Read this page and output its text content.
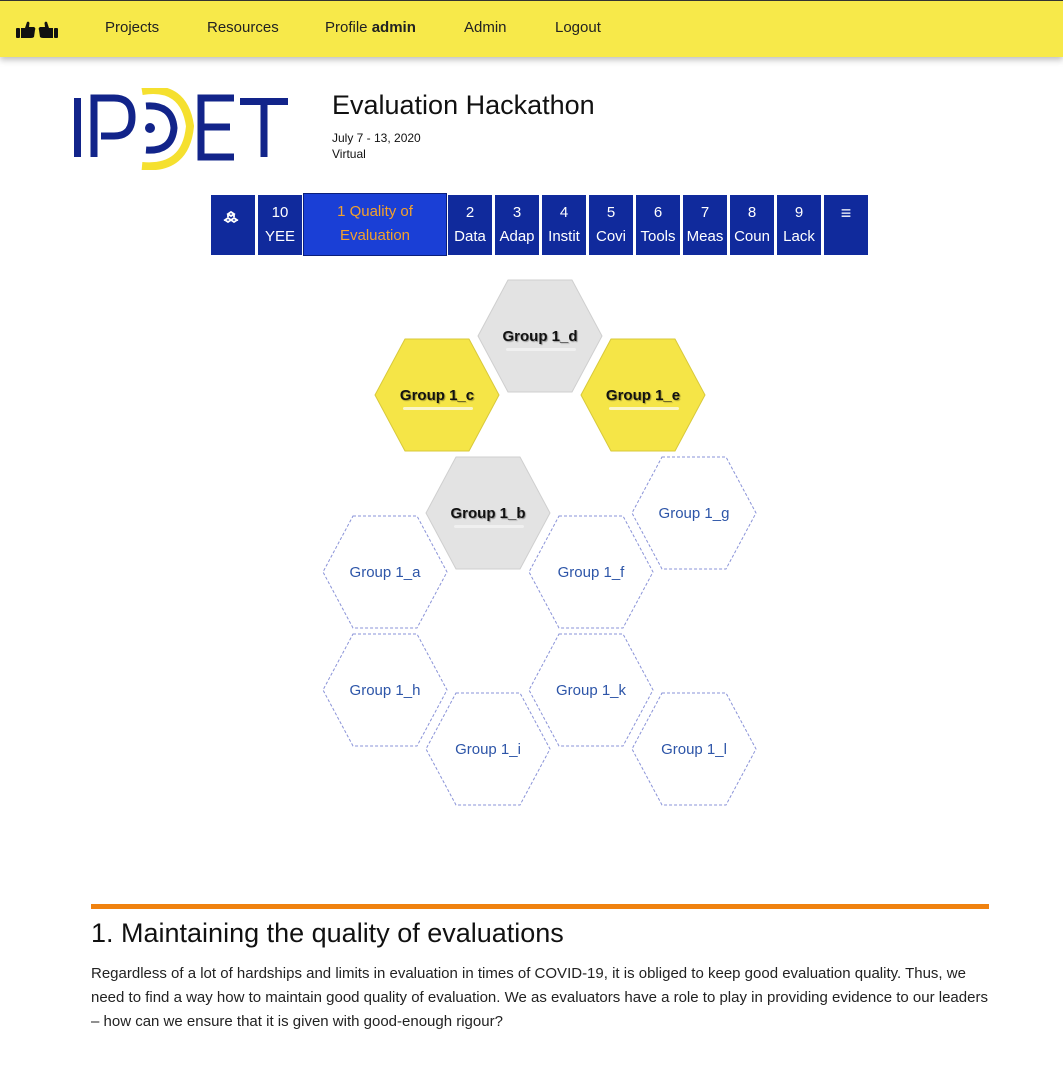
Projects	Resources	Profile admin	Admin	Logout
Evaluation Hackathon
July 7 - 13, 2020
Virtual
10
YEE
1 Quality of
Evaluation
2
Data
3
Adap
4
Instit
5
Covi
6
Tools
7
Meas
8
Coun
9
Lack
≡
Group 1_d
Group 1_c	Group 1_e
Group 1_b	Group 1_g
Group 1_a	Group 1_f
Group 1_h	Group 1_k
Group 1_i	Group 1_l
1. Maintaining the quality of evaluations
Regardless of a lot of hardships and limits in evaluation in times of COVID-19, it is obliged to keep good evaluation quality. Thus, we need to find a way how to maintain good quality of evaluation. We as evaluators have a role to play in providing evidence to our leaders – how can we ensure that it is given with good-enough rigour?
